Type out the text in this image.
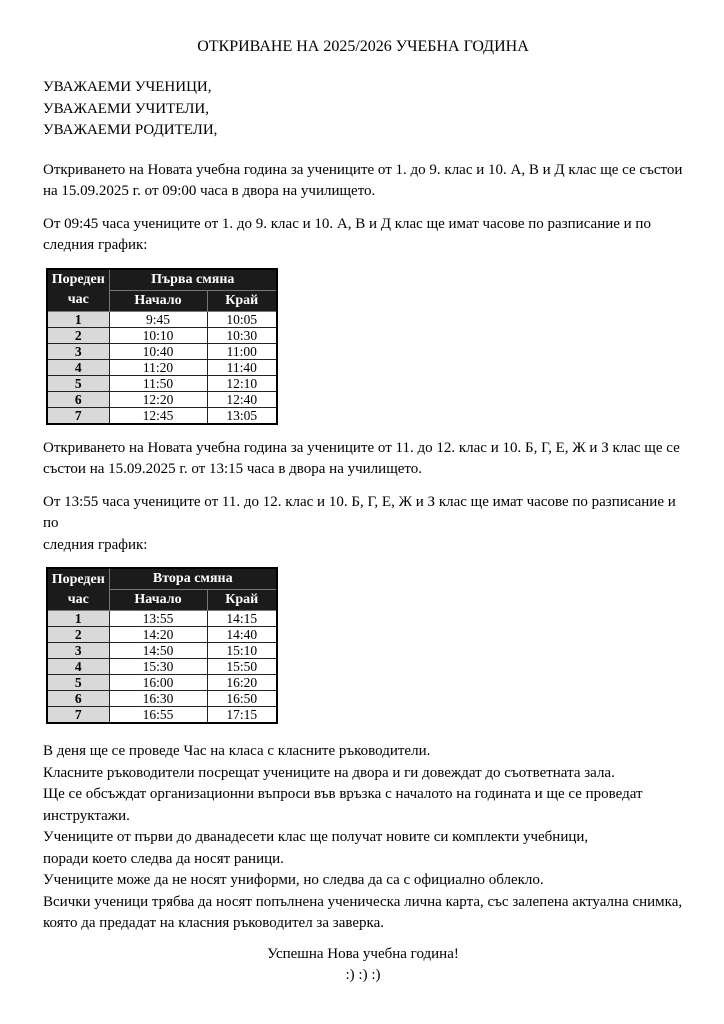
ОТКРИВАНЕ НА 2025/2026 УЧЕБНА ГОДИНА
УВАЖАЕМИ УЧЕНИЦИ,
УВАЖАЕМИ УЧИТЕЛИ,
УВАЖАЕМИ РОДИТЕЛИ,
Откриването на Новата учебна година за учениците от 1. до 9. клас и 10. А, В и Д клас ще се състои
на 15.09.2025 г. от 09:00 часа в двора на училището.
От 09:45 часа учениците от 1. до 9. клас и 10. А, В и Д клас ще имат часове по разписание и по
следния график:
Пореден час	Първа смяна	
	Начало	Край
1	9:45	10:05
2	10:10	10:30
3	10:40	11:00
4	11:20	11:40
5	11:50	12:10
6	12:20	12:40
7	12:45	13:05
Откриването на Новата учебна година за учениците от 11. до 12. клас и 10. Б, Г, Е, Ж и З клас ще се
състои на 15.09.2025 г. от 13:15 часа в двора на училището.
От 13:55 часа учениците от 11. до 12. клас и 10. Б, Г, Е, Ж и З клас ще имат часове по разписание и по
следния график:
Пореден час	Втора смяна	
	Начало	Край
1	13:55	14:15
2	14:20	14:40
3	14:50	15:10
4	15:30	15:50
5	16:00	16:20
6	16:30	16:50
7	16:55	17:15
В деня ще се проведе Час на класа с класните ръководители.
Класните ръководители посрещат учениците на двора и ги довеждат до съответната зала.
Ще се обсъждат организационни въпроси във връзка с началото на годината и ще се проведат
инструктажи.
Учениците от първи до дванадесети клас ще получат новите си комплекти учебници,
поради което следва да носят раници.
Учениците може да не носят униформи, но следва да са с официално облекло.
Всички ученици трябва да носят попълнена ученическа лична карта, със залепена актуална снимка,
която да предадат на класния ръководител за заверка.
Успешна Нова учебна година!
:) :) :)
